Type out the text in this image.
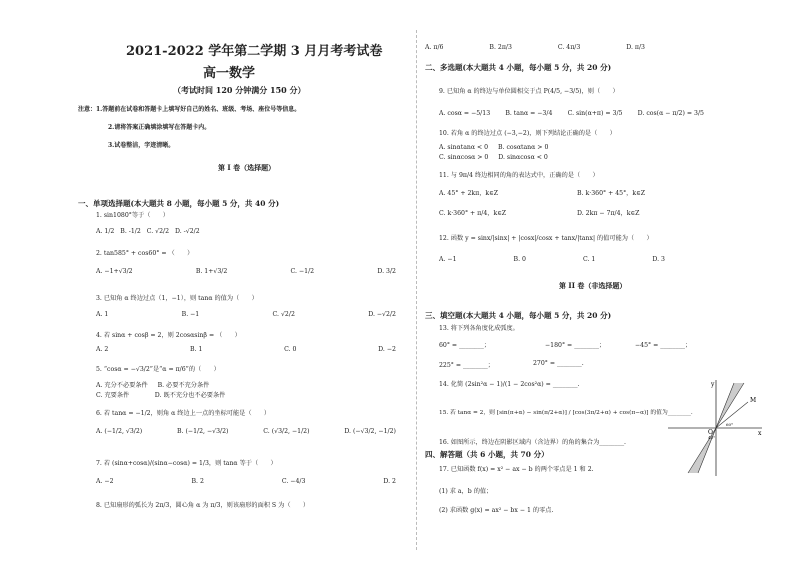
2021-2022 学年第二学期 3 月月考考试卷
高一数学
（考试时间 120 分钟满分 150 分）
注意：1.答题前在试卷和答题卡上填写好自己的姓名、班级、考场、座位号等信息。
2.请将答案正确填涂填写在答题卡内。
3.试卷整洁，字迹清晰。
第 I 卷（选择题）
一、单项选择题(本大题共 8 小题，每小题 5 分，共 40 分)
1. sin1080°等于（　　）
A. 1/2 B. -1/2 C. √2/2 D. -√2/2
2. tan585° + cos60° = （　　）
A. −1+√3/2	B. 1+√3/2	C. −1/2	D. 3/2
3. 已知角 α 终边过点（1，−1），则 tanα 的值为（　　）
A. 1	B. −1	C. √2/2	D. −√2/2
4. 若 sinα + cosβ = 2，则 2cosαsinβ = （　　）
A. 2	B. 1	C. 0	D. −2
5. “cosα = −√3/2”是“α = π/6”的（　　）
A. 充分不必要条件 B. 必要不充分条件
C. 充要条件	D. 既不充分也不必要条件
6. 若 tanα = −1/2，则角 α 终边上一点的坐标可能是（　　）
A. (−1/2, √3/2)	B. (−1/2, −√3/2)	C. (√3/2, −1/2)	D. (−√3/2, −1/2)
7. 若 (sinα+cosα)/(sinα−cosα) = 1/3，则 tanα 等于（　　）
A. −2	B. 2	C. −4/3	D. 2
8. 已知扇形的弧长为 2π/3，圆心角 α 为 π/3，则该扇形的面积 S 为（　　）
A. π/6	B. 2π/3	C. 4π/3	D. π/3
二、多选题(本大题共 4 小题，每小题 5 分，共 20 分)
9. 已知角 α 的终边与单位圆相交于点 P(4/5, −3/5)，则（　　）
A. cosα = −5/13 B. tanα = −3/4 C. sin(α+π) = 3/5 D. cos(α − π/2) = 3/5
10. 若角 α 的终边过点 (−3,−2)，则下列结论正确的是（　　）
A. sinαtanα < 0 B. cosαtanα > 0
C. sinαcosα > 0 D. sinαcosα < 0
11. 与 9π/4 终边相同的角的表达式中，正确的是（　　）
A. 45° + 2kπ，k∈Z	B. k·360° + 45°，k∈Z
C. k·360° + π/4，k∈Z	D. 2kπ − 7π/4，k∈Z
12. 函数 y = sinx/|sinx| + |cosx|/cosx + tanx/|tanx| 的值可能为（　　）
A. −1	B. 0	C. 1	D. 3
第 II 卷（非选择题）
三、填空题(本大题共 4 小题，每小题 5 分，共 20 分)
13. 将下列各角度化成弧度。
60° = ________；	−180° = ________；	−45° = ________；
225° = ________；	270° = ________.
14. 化简 (2sin²α − 1)/(1 − 2cos²α) = ________.
15. 若 tanα = 2，则 [sin(π+α) − sin(π/2+α)] / [cos(3π/2+α) + cos(π−α)] 的值为________.
16. 如图所示，终边在阴影区域内（含边界）的角的集合为________.
四、解答题（共 6 小题，共 70 分）
17. 已知函数 f(x) = x² − ax − b 的两个零点是 1 和 2.
(1) 求 a，b 的值；
(2) 求函数 g(x) = ax² − bx − 1 的零点.
y
x
O
M
60°
45°
